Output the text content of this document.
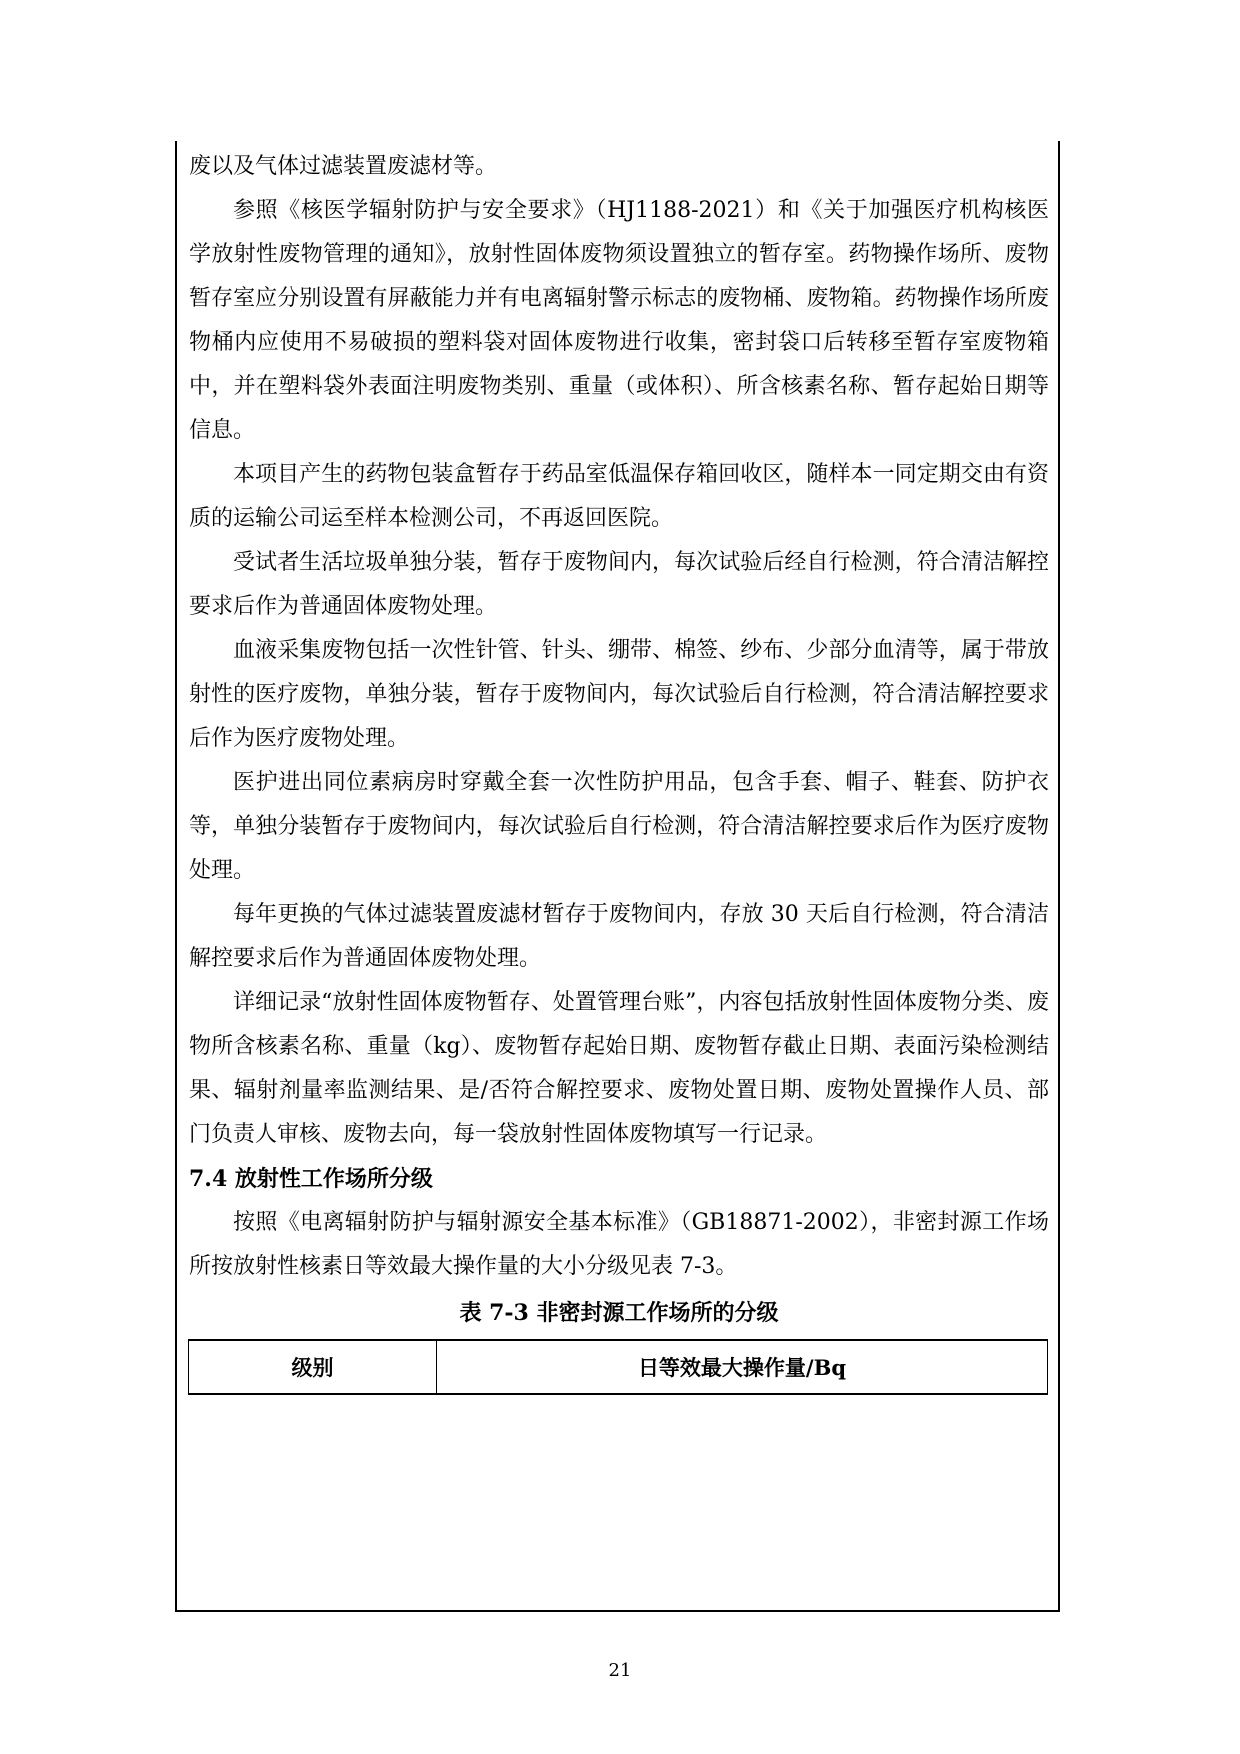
废以及气体过滤装置废滤材等。

参照《核医学辐射防护与安全要求》（HJ1188-2021）和《关于加强医疗机构核医学放射性废物管理的通知》，放射性固体废物须设置独立的暂存室。药物操作场所、废物暂存室应分别设置有屏蔽能力并有电离辐射警示标志的废物桶、废物箱。药物操作场所废物桶内应使用不易破损的塑料袋对固体废物进行收集，密封袋口后转移至暂存室废物箱中，并在塑料袋外表面注明废物类别、重量（或体积）、所含核素名称、暂存起始日期等信息。

本项目产生的药物包装盒暂存于药品室低温保存箱回收区，随样本一同定期交由有资质的运输公司运至样本检测公司，不再返回医院。

受试者生活垃圾单独分装，暂存于废物间内，每次试验后经自行检测，符合清洁解控要求后作为普通固体废物处理。

血液采集废物包括一次性针管、针头、绷带、棉签、纱布、少部分血清等，属于带放射性的医疗废物，单独分装，暂存于废物间内，每次试验后自行检测，符合清洁解控要求后作为医疗废物处理。

医护进出同位素病房时穿戴全套一次性防护用品，包含手套、帽子、鞋套、防护衣等，单独分装暂存于废物间内，每次试验后自行检测，符合清洁解控要求后作为医疗废物处理。

每年更换的气体过滤装置废滤材暂存于废物间内，存放 30 天后自行检测，符合清洁解控要求后作为普通固体废物处理。

详细记录“放射性固体废物暂存、处置管理台账”，内容包括放射性固体废物分类、废物所含核素名称、重量（kg）、废物暂存起始日期、废物暂存截止日期、表面污染检测结果、辐射剂量率监测结果、是/否符合解控要求、废物处置日期、废物处置操作人员、部门负责人审核、废物去向，每一袋放射性固体废物填写一行记录。

7.4 放射性工作场所分级

按照《电离辐射防护与辐射源安全基本标准》（GB18871-2002），非密封源工作场所按放射性核素日等效最大操作量的大小分级见表 7-3。

表 7-3 非密封源工作场所的分级

级别	日等效最大操作量/Bq
21
